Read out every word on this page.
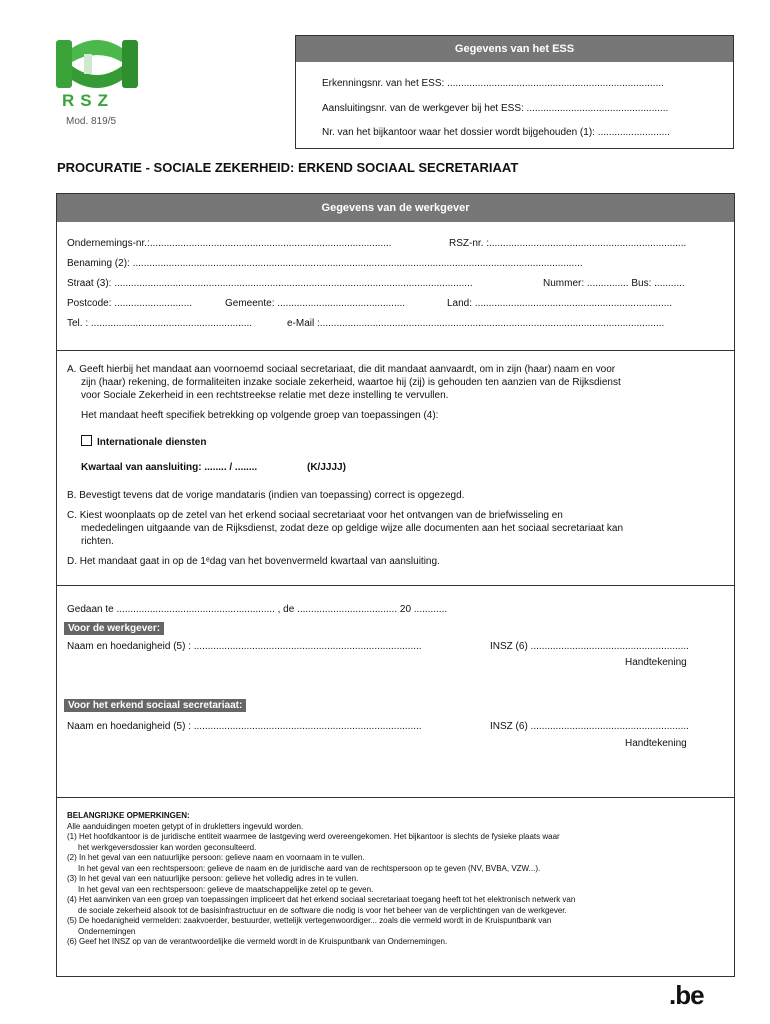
RSZ
Mod. 819/5
Gegevens van het ESS
Erkenningsnr. van het ESS: ..............................................................................
Aansluitingsnr. van de werkgever bij het ESS: ...................................................
Nr. van het bijkantoor waar het dossier wordt bijgehouden (1): ..........................
PROCURATIE - SOCIALE ZEKERHEID: ERKEND SOCIAAL SECRETARIAAT
Gegevens van de werkgever
Ondernemings-nr.:.......................................................................................	RSZ-nr. :.......................................................................
Benaming (2): ..................................................................................................................................................................
Straat (3): .................................................................................................................................	Nummer: ............... Bus: ...........
Postcode: ............................	Gemeente: ..............................................	Land: .......................................................................
Tel. : ..........................................................	e-Mail :............................................................................................................................
A. Geeft hierbij het mandaat aan voornoemd sociaal secretariaat, die dit mandaat aanvaardt, om in zijn (haar) naam en voor
zijn (haar) rekening, de formaliteiten inzake sociale zekerheid, waartoe hij (zij) is gehouden ten aanzien van de Rijksdienst
voor Sociale Zekerheid in een rechtstreekse relatie met deze instelling te vervullen.
Het mandaat heeft specifiek betrekking op volgende groep van toepassingen (4):
Internationale diensten
Kwartaal van aansluiting: ........ / ........	(K/JJJJ)
B. Bevestigt tevens dat de vorige mandataris (indien van toepassing) correct is opgezegd.
C. Kiest woonplaats op de zetel van het erkend sociaal secretariaat voor het ontvangen van de briefwisseling en
mededelingen uitgaande van de Rijksdienst, zodat deze op geldige wijze alle documenten aan het sociaal secretariaat kan
richten.
D. Het mandaat gaat in op de 1ᵉdag van het bovenvermeld kwartaal van aansluiting.
Gedaan te ......................................................... , de .................................... 20 ............
Voor de werkgever:
Naam en hoedanigheid (5) : ..................................................................................	INSZ (6) .........................................................
Handtekening
Voor het erkend sociaal secretariaat:
Naam en hoedanigheid (5) : ..................................................................................	INSZ (6) .........................................................
Handtekening
BELANGRIJKE OPMERKINGEN:
Alle aanduidingen moeten getypt of in drukletters ingevuld worden.
(1) Het hoofdkantoor is de juridische entiteit waarmee de lastgeving werd overeengekomen. Het bijkantoor is slechts de fysieke plaats waar
het werkgeversdossier kan worden geconsulteerd.
(2) In het geval van een natuurlijke persoon: gelieve naam en voornaam in te vullen.
In het geval van een rechtspersoon: gelieve de naam en de juridische aard van de rechtspersoon op te geven (NV, BVBA, VZW...).
(3) In het geval van een natuurlijke persoon: gelieve het volledig adres in te vullen.
In het geval van een rechtspersoon: gelieve de maatschappelijke zetel op te geven.
(4) Het aanvinken van een groep van toepassingen impliceert dat het erkend sociaal secretariaat toegang heeft tot het elektronisch netwerk van
de sociale zekerheid alsook tot de basisinfrastructuur en de software die nodig is voor het beheer van de verplichtingen van de werkgever.
(5) De hoedanigheid vermelden: zaakvoerder, bestuurder, wettelijk vertegenwoordiger... zoals die vermeld wordt in de Kruispuntbank van
Ondernemingen
(6) Geef het INSZ op van de verantwoordelijke die vermeld wordt in de Kruispuntbank van Ondernemingen.
.be
